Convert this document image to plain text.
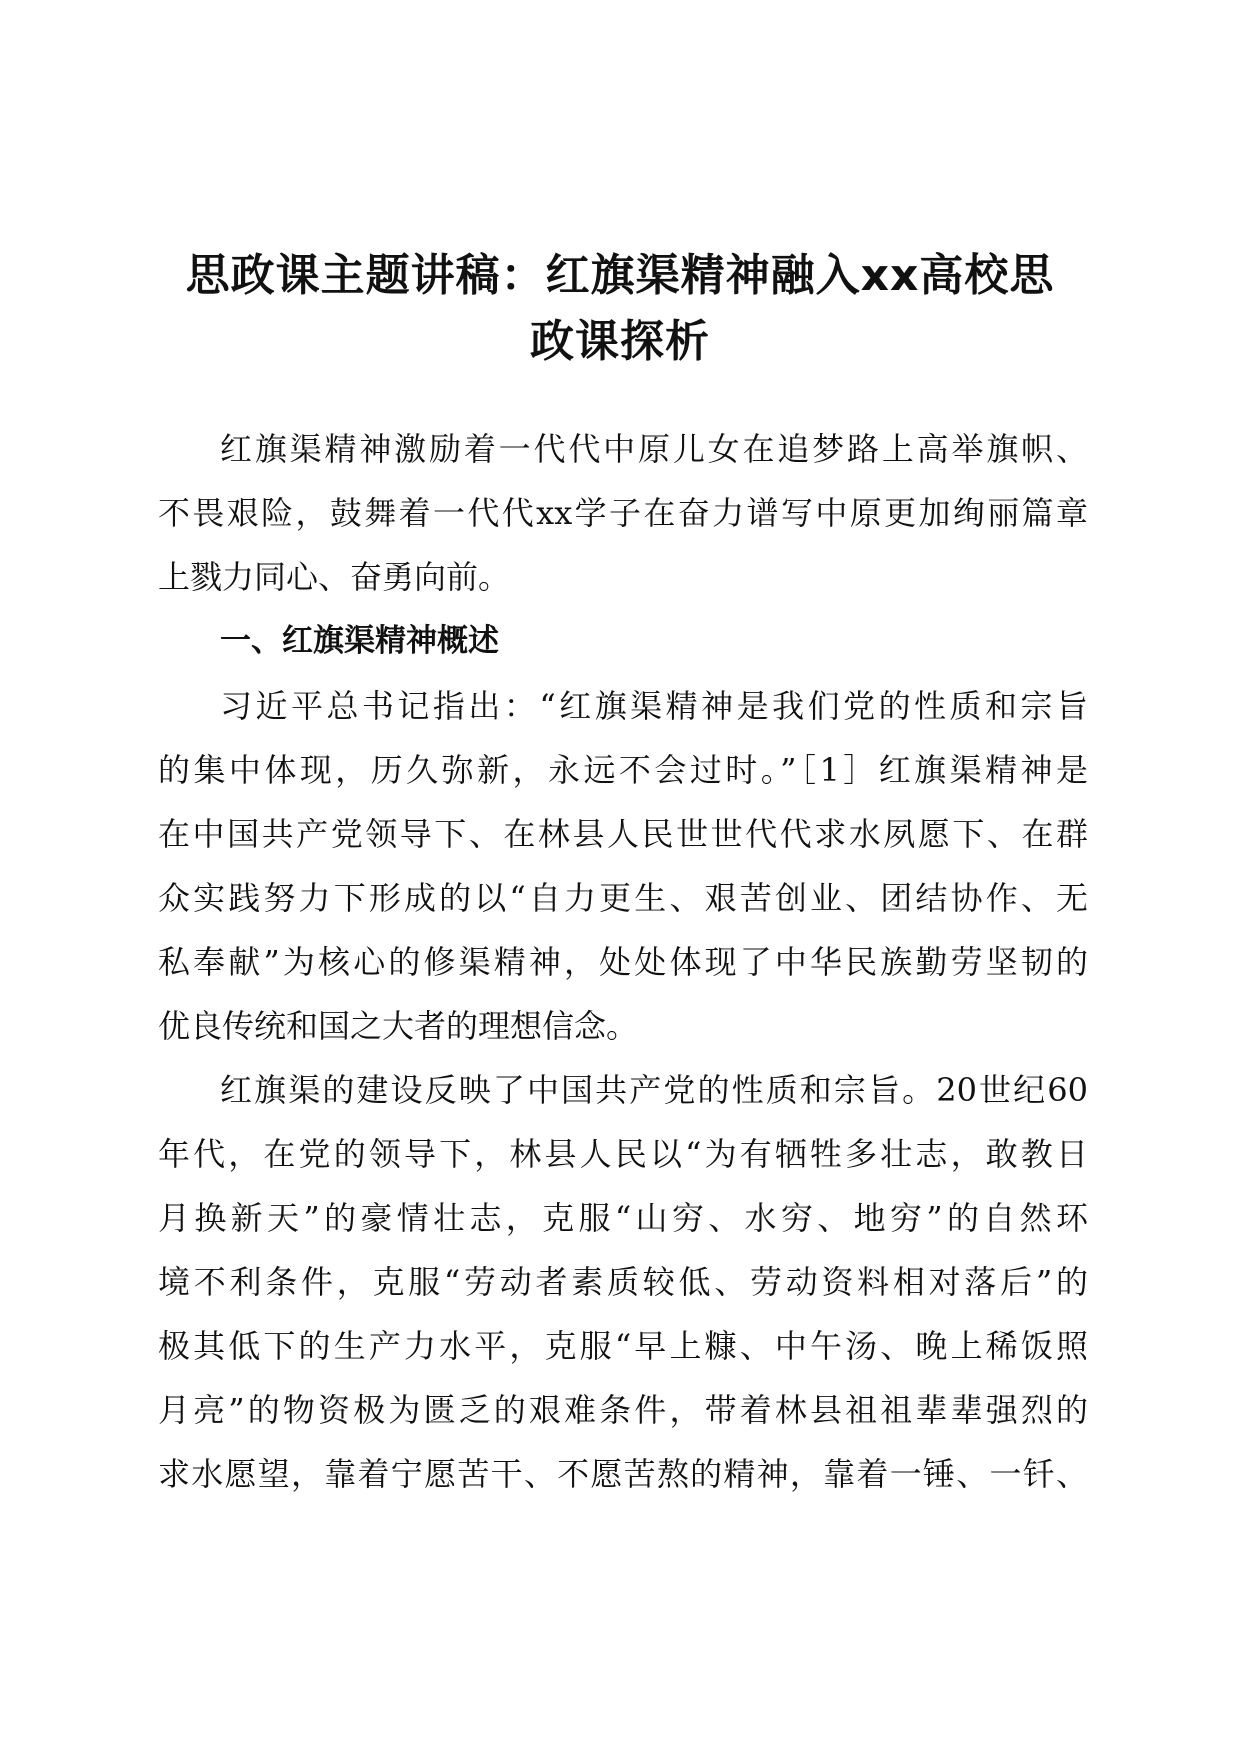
思政课主题讲稿：红旗渠精神融入xx高校思
政课探析

红旗渠精神激励着一代代中原儿女在追梦路上高举旗帜、

不畏艰险，鼓舞着一代代xx学子在奋力谱写中原更加绚丽篇章

上戮力同心、奋勇向前。

一、红旗渠精神概述

习近平总书记指出：“红旗渠精神是我们党的性质和宗旨

的集中体现，历久弥新，永远不会过时。”［1］红旗渠精神是

在中国共产党领导下、在林县人民世世代代求水夙愿下、在群

众实践努力下形成的以“自力更生、艰苦创业、团结协作、无

私奉献”为核心的修渠精神，处处体现了中华民族勤劳坚韧的

优良传统和国之大者的理想信念。

红旗渠的建设反映了中国共产党的性质和宗旨。20世纪60

年代，在党的领导下，林县人民以“为有牺牲多壮志，敢教日

月换新天”的豪情壮志，克服“山穷、水穷、地穷”的自然环

境不利条件，克服“劳动者素质较低、劳动资料相对落后”的

极其低下的生产力水平，克服“早上糠、中午汤、晚上稀饭照

月亮”的物资极为匮乏的艰难条件，带着林县祖祖辈辈强烈的

求水愿望，靠着宁愿苦干、不愿苦熬的精神，靠着一锤、一钎、
